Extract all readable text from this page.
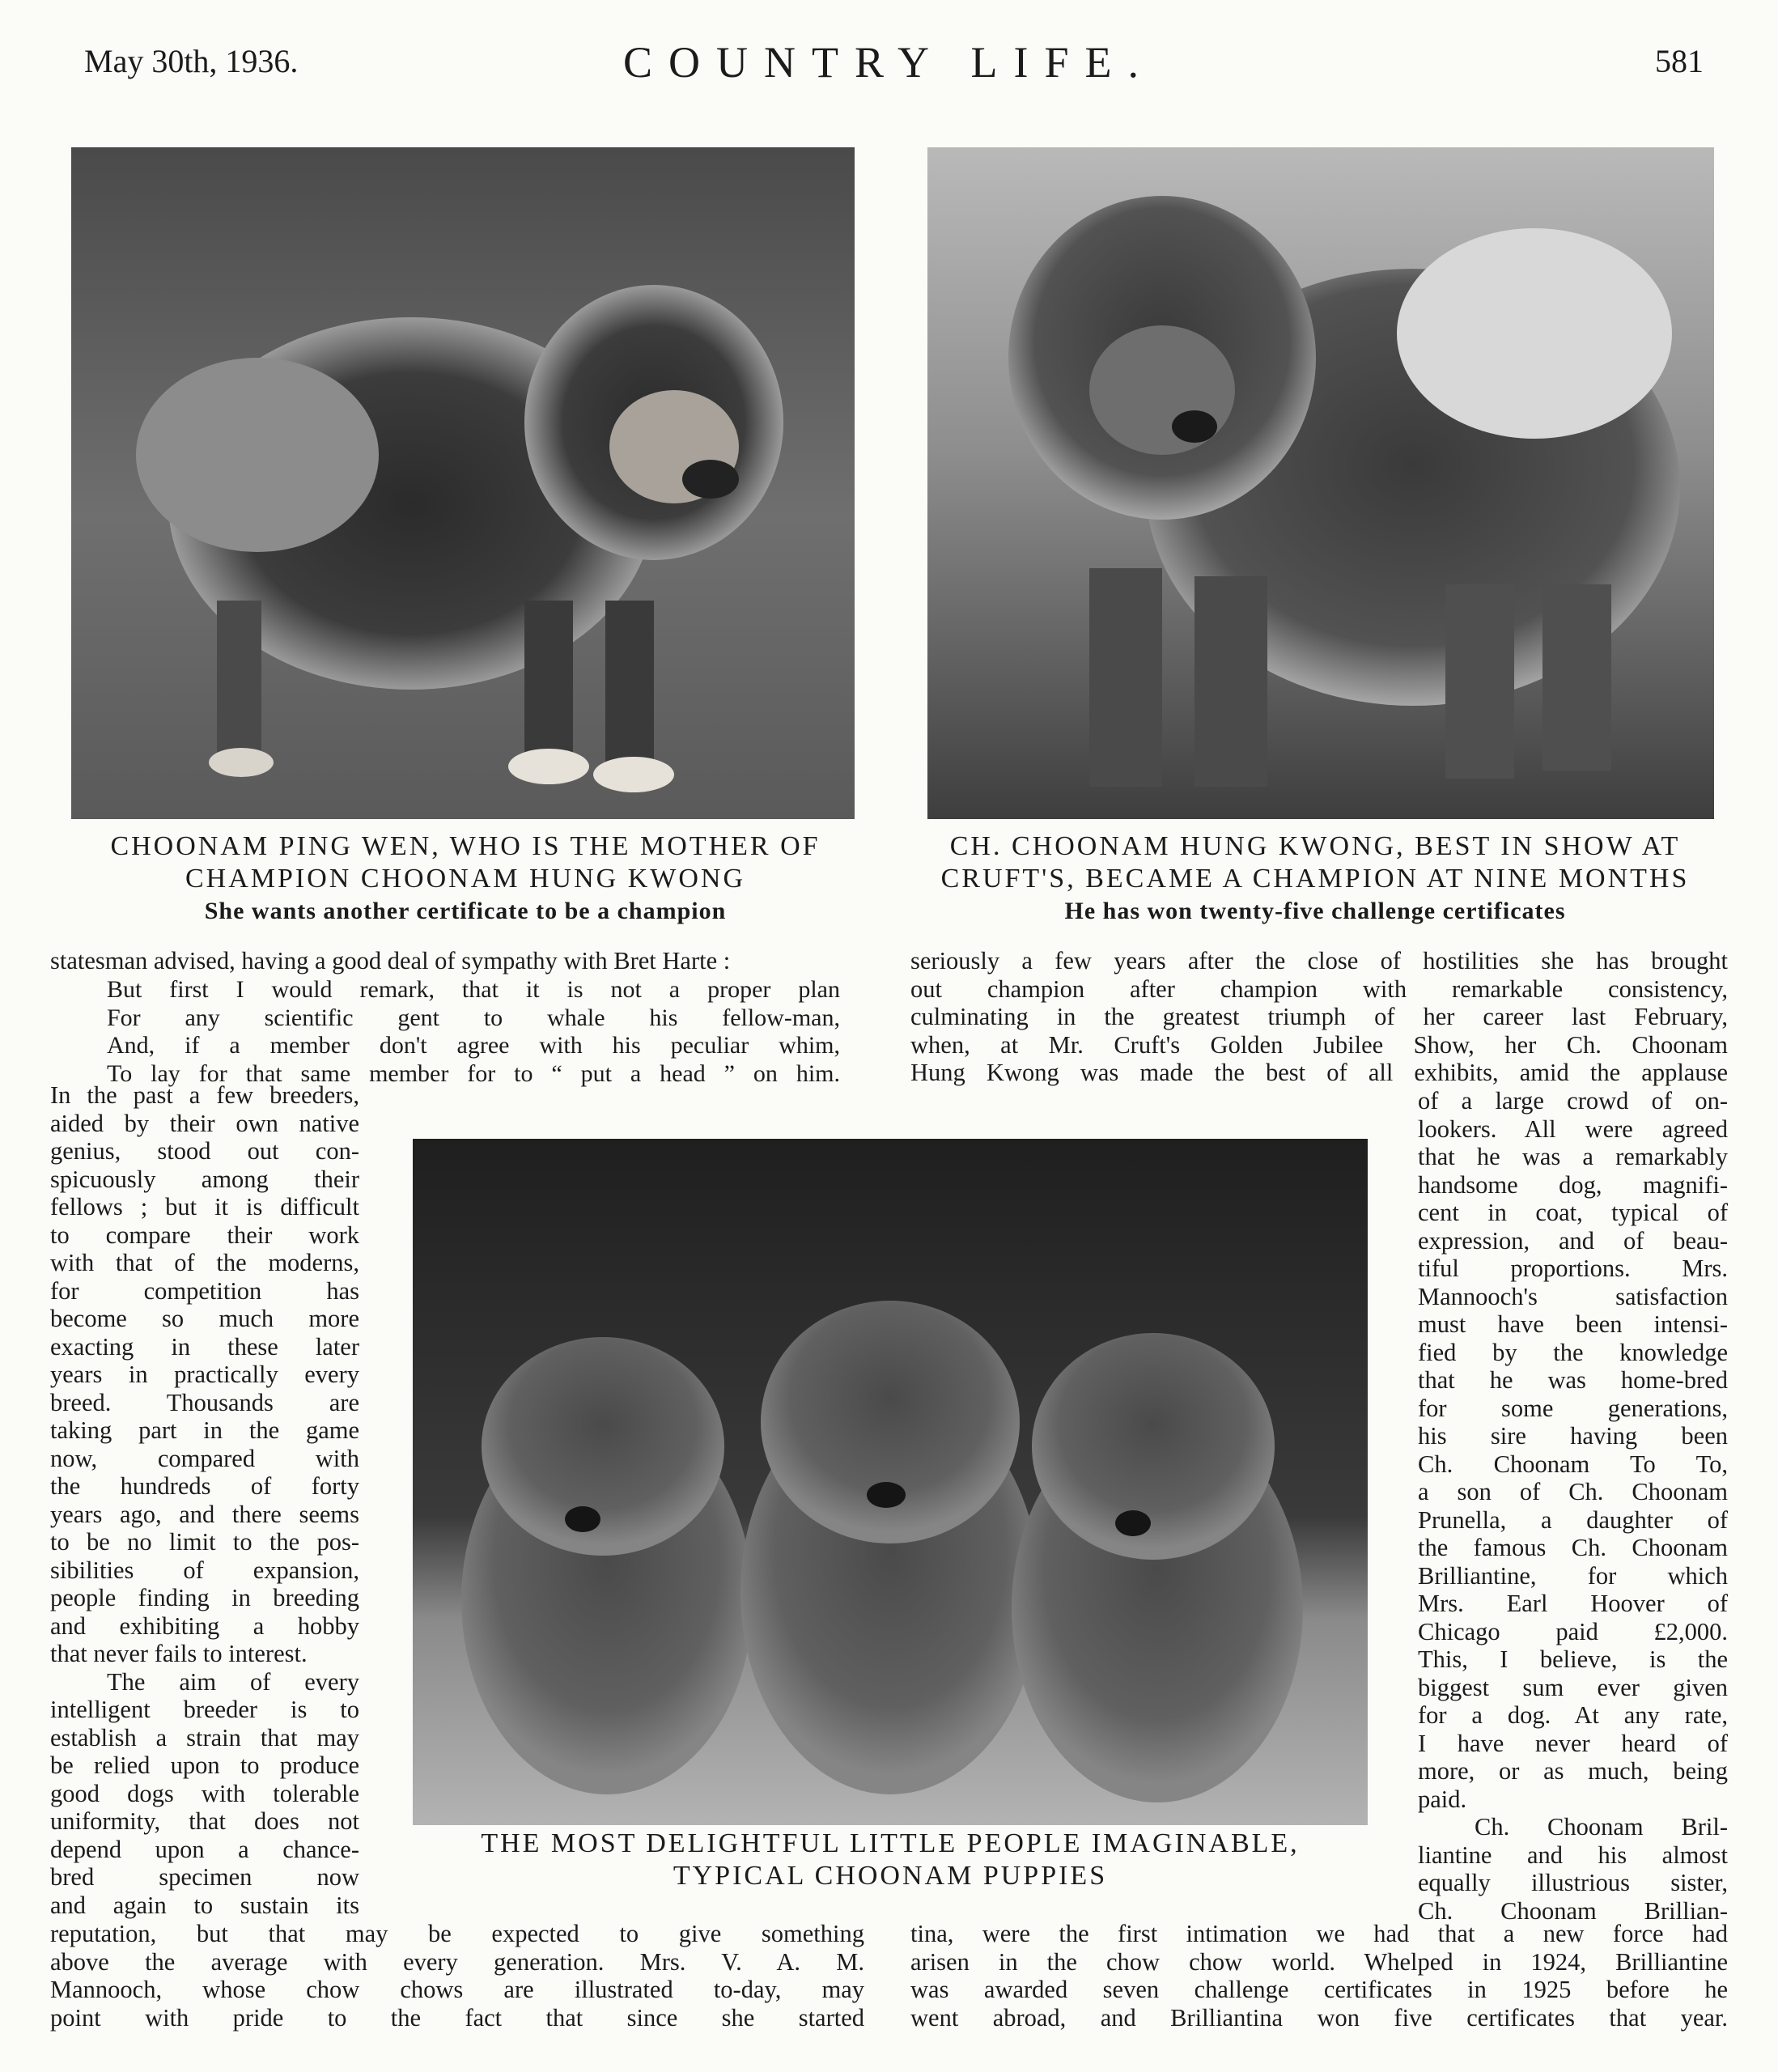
May 30th, 1936.	COUNTRY LIFE.	581
CHOONAM PING WEN, WHO IS THE MOTHER OF
CHAMPION CHOONAM HUNG KWONG
She wants another certificate to be a champion
CH. CHOONAM HUNG KWONG, BEST IN SHOW AT
CRUFT'S, BECAME A CHAMPION AT NINE MONTHS
He has won twenty-five challenge certificates
THE MOST DELIGHTFUL LITTLE PEOPLE IMAGINABLE,
TYPICAL CHOONAM PUPPIES

statesman advised, having a good deal of sympathy with Bret Harte :

But first I would remark, that it is not a proper plan

For any scientific gent to whale his fellow-man,

And, if a member don't agree with his peculiar whim,

To lay for that same member for to “ put a head ” on him.

In the past a few breeders,

aided by their own native

genius, stood out con-

spicuously among their

fellows ; but it is difficult

to compare their work

with that of the moderns,

for competition has

become so much more

exacting in these later

years in practically every

breed. Thousands are

taking part in the game

now, compared with

the hundreds of forty

years ago, and there seems

to be no limit to the pos-

sibilities of expansion,

people finding in breeding

and exhibiting a hobby

that never fails to interest.

The aim of every

intelligent breeder is to

establish a strain that may

be relied upon to produce

good dogs with tolerable

uniformity, that does not

depend upon a chance-

bred specimen now

and again to sustain its

reputation, but that may be expected to give something

above the average with every generation. Mrs. V. A. M.

Mannooch, whose chow chows are illustrated to-day, may

point with pride to the fact that since she started

seriously a few years after the close of hostilities she has brought

out champion after champion with remarkable consistency,

culminating in the greatest triumph of her career last February,

when, at Mr. Cruft's Golden Jubilee Show, her Ch. Choonam

Hung Kwong was made the best of all exhibits, amid the applause

of a large crowd of on-

lookers. All were agreed

that he was a remarkably

handsome dog, magnifi-

cent in coat, typical of

expression, and of beau-

tiful proportions. Mrs.

Mannooch's satisfaction

must have been intensi-

fied by the knowledge

that he was home-bred

for some generations,

his sire having been

Ch. Choonam To To,

a son of Ch. Choonam

Prunella, a daughter of

the famous Ch. Choonam

Brilliantine, for which

Mrs. Earl Hoover of

Chicago paid £2,000.

This, I believe, is the

biggest sum ever given

for a dog. At any rate,

I have never heard of

more, or as much, being

paid.

Ch. Choonam Bril-

liantine and his almost

equally illustrious sister,

Ch. Choonam Brillian-

tina, were the first intimation we had that a new force had

arisen in the chow chow world. Whelped in 1924, Brilliantine

was awarded seven challenge certificates in 1925 before he

went abroad, and Brilliantina won five certificates that year.
